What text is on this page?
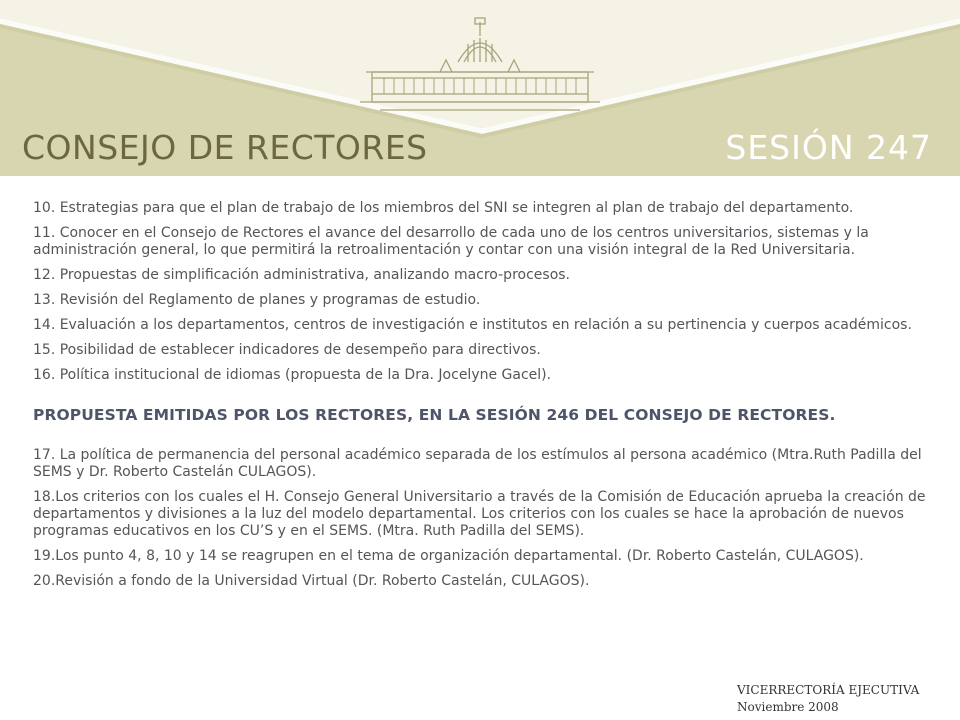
CONSEJO DE RECTORES	SESIÓN 247

10. Estrategias para que el plan de trabajo de los miembros del SNI se integren al plan de trabajo del departamento.

11. Conocer en el Consejo de Rectores el avance del desarrollo de cada uno de los centros universitarios, sistemas y la administración general, lo que permitirá la retroalimentación y contar con una visión integral de la Red Universitaria.

12. Propuestas de simplificación administrativa, analizando macro-procesos.

13. Revisión del Reglamento de planes y programas de estudio.

14. Evaluación a los departamentos, centros de investigación e institutos en relación a su pertinencia y cuerpos académicos.

15. Posibilidad de establecer indicadores de desempeño para directivos.

16. Política institucional de idiomas (propuesta de la Dra. Jocelyne Gacel).

PROPUESTA EMITIDAS POR LOS RECTORES, EN LA SESIÓN 246 DEL CONSEJO DE RECTORES.

17. La política de permanencia del personal académico separada de los estímulos al persona académico (Mtra.Ruth Padilla del SEMS y Dr. Roberto Castelán CULAGOS).

18.Los criterios con los cuales el H. Consejo General Universitario a través de la Comisión de Educación aprueba la creación de departamentos y divisiones a la luz del modelo departamental. Los criterios con los cuales se hace la aprobación de nuevos programas educativos en los CU’S y en el SEMS. (Mtra. Ruth Padilla del SEMS).

19.Los punto 4, 8, 10 y 14 se reagrupen en el tema de organización departamental. (Dr. Roberto Castelán, CULAGOS).

20.Revisión a fondo de la Universidad Virtual (Dr. Roberto Castelán, CULAGOS).

VICERRECTORÍA EJECUTIVA
Noviembre 2008
